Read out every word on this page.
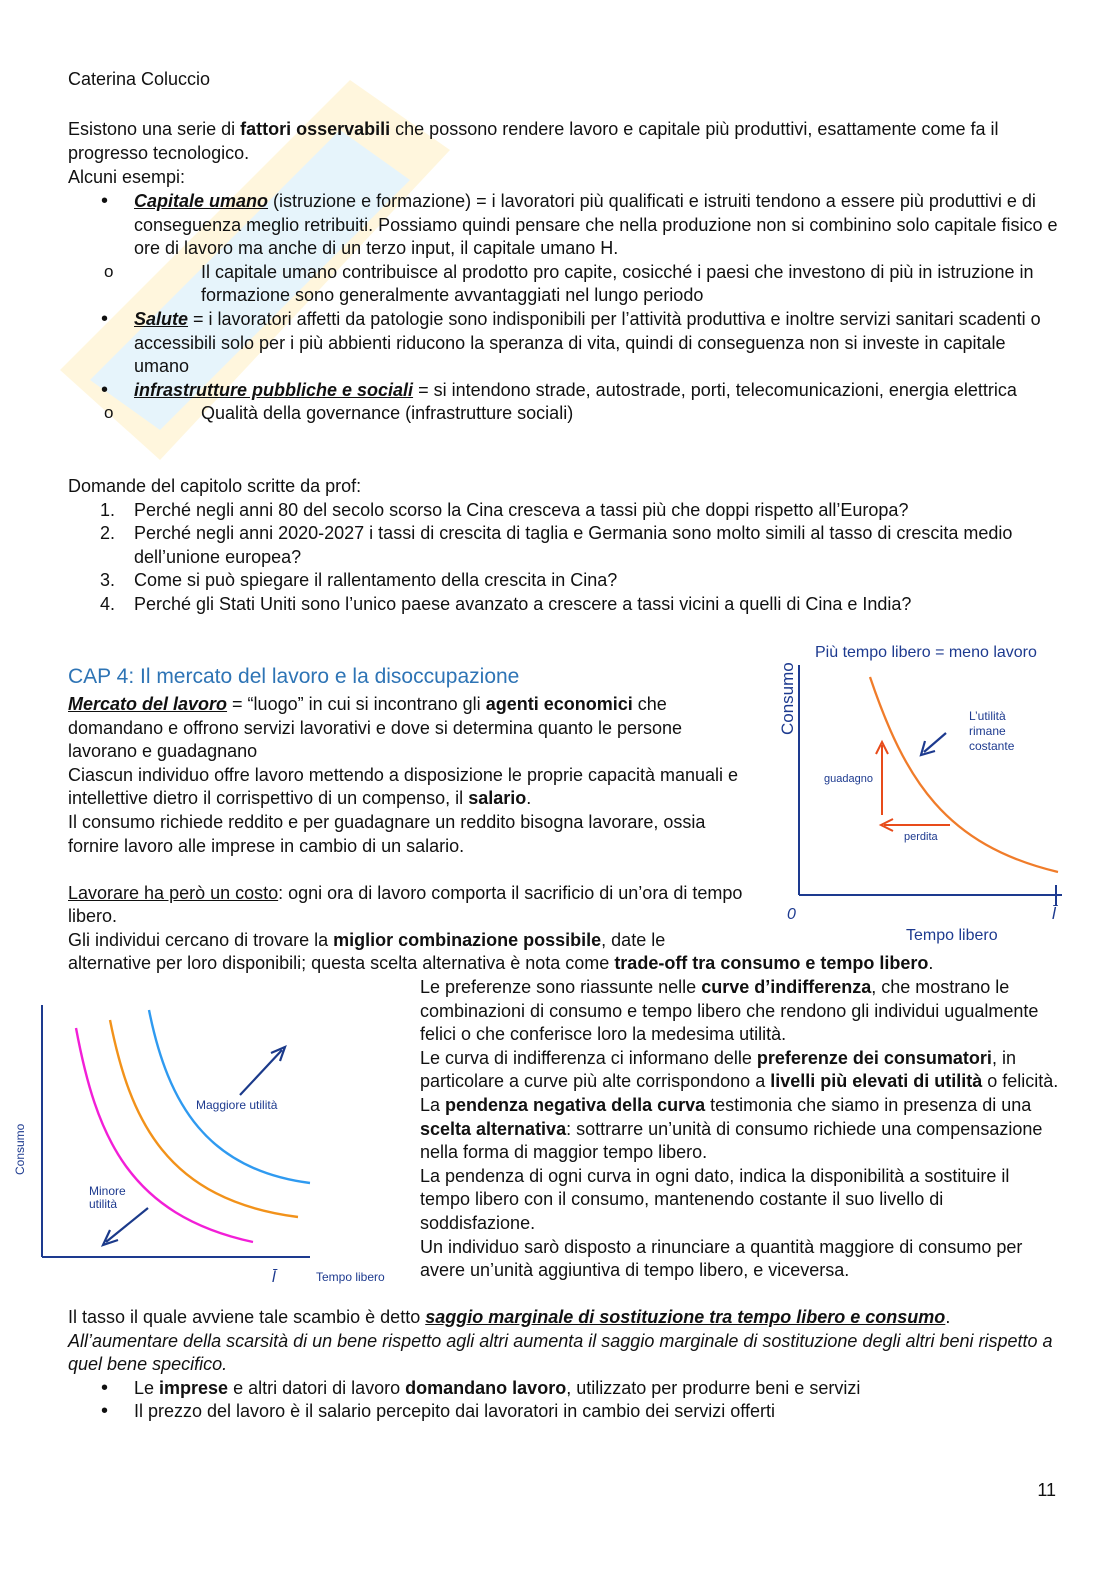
Caterina Coluccio
Esistono una serie di fattori osservabili che possono rendere lavoro e capitale più produttivi, esattamente come fa il progresso tecnologico.
Alcuni esempi:
• Capitale umano (istruzione e formazione) = i lavoratori più qualificati e istruiti tendono a essere più produttivi e di conseguenza meglio retribuiti. Possiamo quindi pensare che nella produzione non si combinino solo capitale fisico e ore di lavoro ma anche di un terzo input, il capitale umano H.
o Il capitale umano contribuisce al prodotto pro capite, cosicché i paesi che investono di più in istruzione in formazione sono generalmente avvantaggiati nel lungo periodo
• Salute = i lavoratori affetti da patologie sono indisponibili per l’attività produttiva e inoltre servizi sanitari scadenti o accessibili solo per i più abbienti riducono la speranza di vita, quindi di conseguenza non si investe in capitale umano
• infrastrutture pubbliche e sociali = si intendono strade, autostrade, porti, telecomunicazioni, energia elettrica
o Qualità della governance (infrastrutture sociali)
Domande del capitolo scritte da prof:
1. Perché negli anni 80 del secolo scorso la Cina cresceva a tassi più che doppi rispetto all’Europa?
2. Perché negli anni 2020-2027 i tassi di crescita di taglia e Germania sono molto simili al tasso di crescita medio dell’unione europea?
3. Come si può spiegare il rallentamento della crescita in Cina?
4. Perché gli Stati Uniti sono l’unico paese avanzato a crescere a tassi vicini a quelli di Cina e India?
CAP 4: Il mercato del lavoro e la disoccupazione
Mercato del lavoro = “luogo” in cui si incontrano gli agenti economici che domandano e offrono servizi lavorativi e dove si determina quanto le persone lavorano e guadagnano
Ciascun individuo offre lavoro mettendo a disposizione le proprie capacità manuali e intellettive dietro il corrispettivo di un compenso, il salario.
Il consumo richiede reddito e per guadagnare un reddito bisogna lavorare, ossia fornire lavoro alle imprese in cambio di un salario.
Lavorare ha però un costo: ogni ora di lavoro comporta il sacrificio di un’ora di tempo libero.
Gli individui cercano di trovare la miglior combinazione possibile, date le
alternative per loro disponibili; questa scelta alternativa è nota come trade-off tra consumo e tempo libero.
Più tempo libero = meno lavoro
Consumo
0	l̄
Tempo libero
L’utilità rimane costante
guadagno
perdita
Consumo
Maggiore utilità
Minore utilità
l̄	Tempo libero
Le preferenze sono riassunte nelle curve d’indifferenza, che mostrano le combinazioni di consumo e tempo libero che rendono gli individui ugualmente felici o che conferisce loro la medesima utilità.
Le curva di indifferenza ci informano delle preferenze dei consumatori, in particolare a curve più alte corrispondono a livelli più elevati di utilità o felicità.
La pendenza negativa della curva testimonia che siamo in presenza di una scelta alternativa: sottrarre un’unità di consumo richiede una compensazione nella forma di maggior tempo libero.
La pendenza di ogni curva in ogni dato, indica la disponibilità a sostituire il tempo libero con il consumo, mantenendo costante il suo livello di soddisfazione.
Un individuo sarò disposto a rinunciare a quantità maggiore di consumo per avere un’unità aggiuntiva di tempo libero, e viceversa.
Il tasso il quale avviene tale scambio è detto saggio marginale di sostituzione tra tempo libero e consumo.
All’aumentare della scarsità di un bene rispetto agli altri aumenta il saggio marginale di sostituzione degli altri beni rispetto a quel bene specifico.
• Le imprese e altri datori di lavoro domandano lavoro, utilizzato per produrre beni e servizi
• Il prezzo del lavoro è il salario percepito dai lavoratori in cambio dei servizi offerti
11
